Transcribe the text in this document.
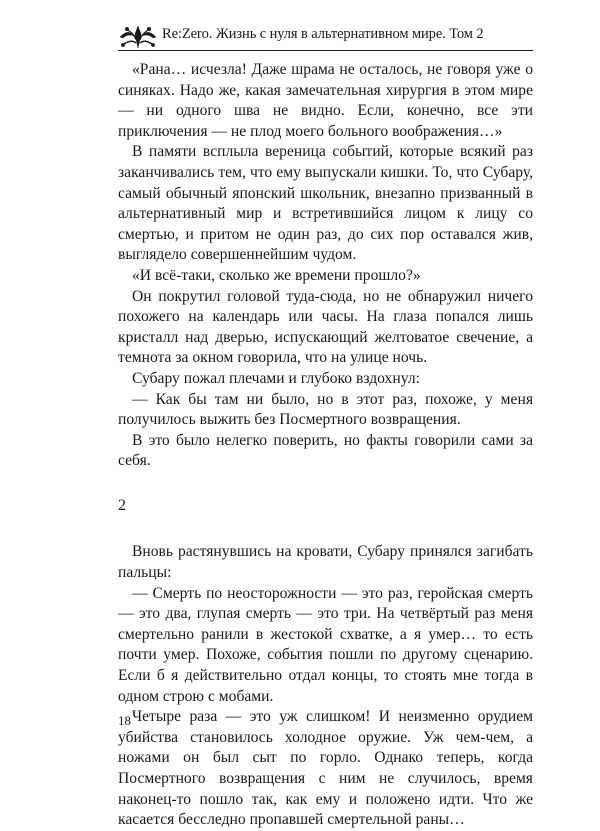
Re:Zero. Жизнь с нуля в альтернативном мире. Том 2

«Рана… исчезла! Даже шрама не осталось, не говоря уже о синяках. Надо же, какая замечательная хирургия в этом мире — ни одного шва не видно. Если, конечно, все эти приключения — не плод моего больного воображения…»

В памяти всплыла вереница событий, которые всякий раз заканчивались тем, что ему выпускали кишки. То, что Субару, самый обычный японский школьник, внезапно призванный в альтернативный мир и встретившийся лицом к лицу со смертью, и притом не один раз, до сих пор оставался жив, выглядело совершеннейшим чудом.

«И всё-таки, сколько же времени прошло?»

Он покрутил головой туда-сюда, но не обнаружил ничего похожего на календарь или часы. На глаза попался лишь кристалл над дверью, испускающий желтоватое свечение, а темнота за окном говорила, что на улице ночь.

Субару пожал плечами и глубоко вздохнул:

— Как бы там ни было, но в этот раз, похоже, у меня получилось выжить без Посмертного возвращения.

В это было нелегко поверить, но факты говорили сами за себя.

2

Вновь растянувшись на кровати, Субару принялся загибать пальцы:

— Смерть по неосторожности — это раз, геройская смерть — это два, глупая смерть — это три. На четвёртый раз меня смертельно ранили в жестокой схватке, а я умер… то есть почти умер. Похоже, события пошли по другому сценарию. Если б я действительно отдал концы, то стоять мне тогда в одном строю с мобами.

Четыре раза — это уж слишком! И неизменно орудием убийства становилось холодное оружие. Уж чем-чем, а ножами он был сыт по горло. Однако теперь, когда Посмертного возвращения с ним не случилось, время наконец-то пошло так, как ему и положено идти. Что же касается бесследно пропавшей смертельной раны…

18
